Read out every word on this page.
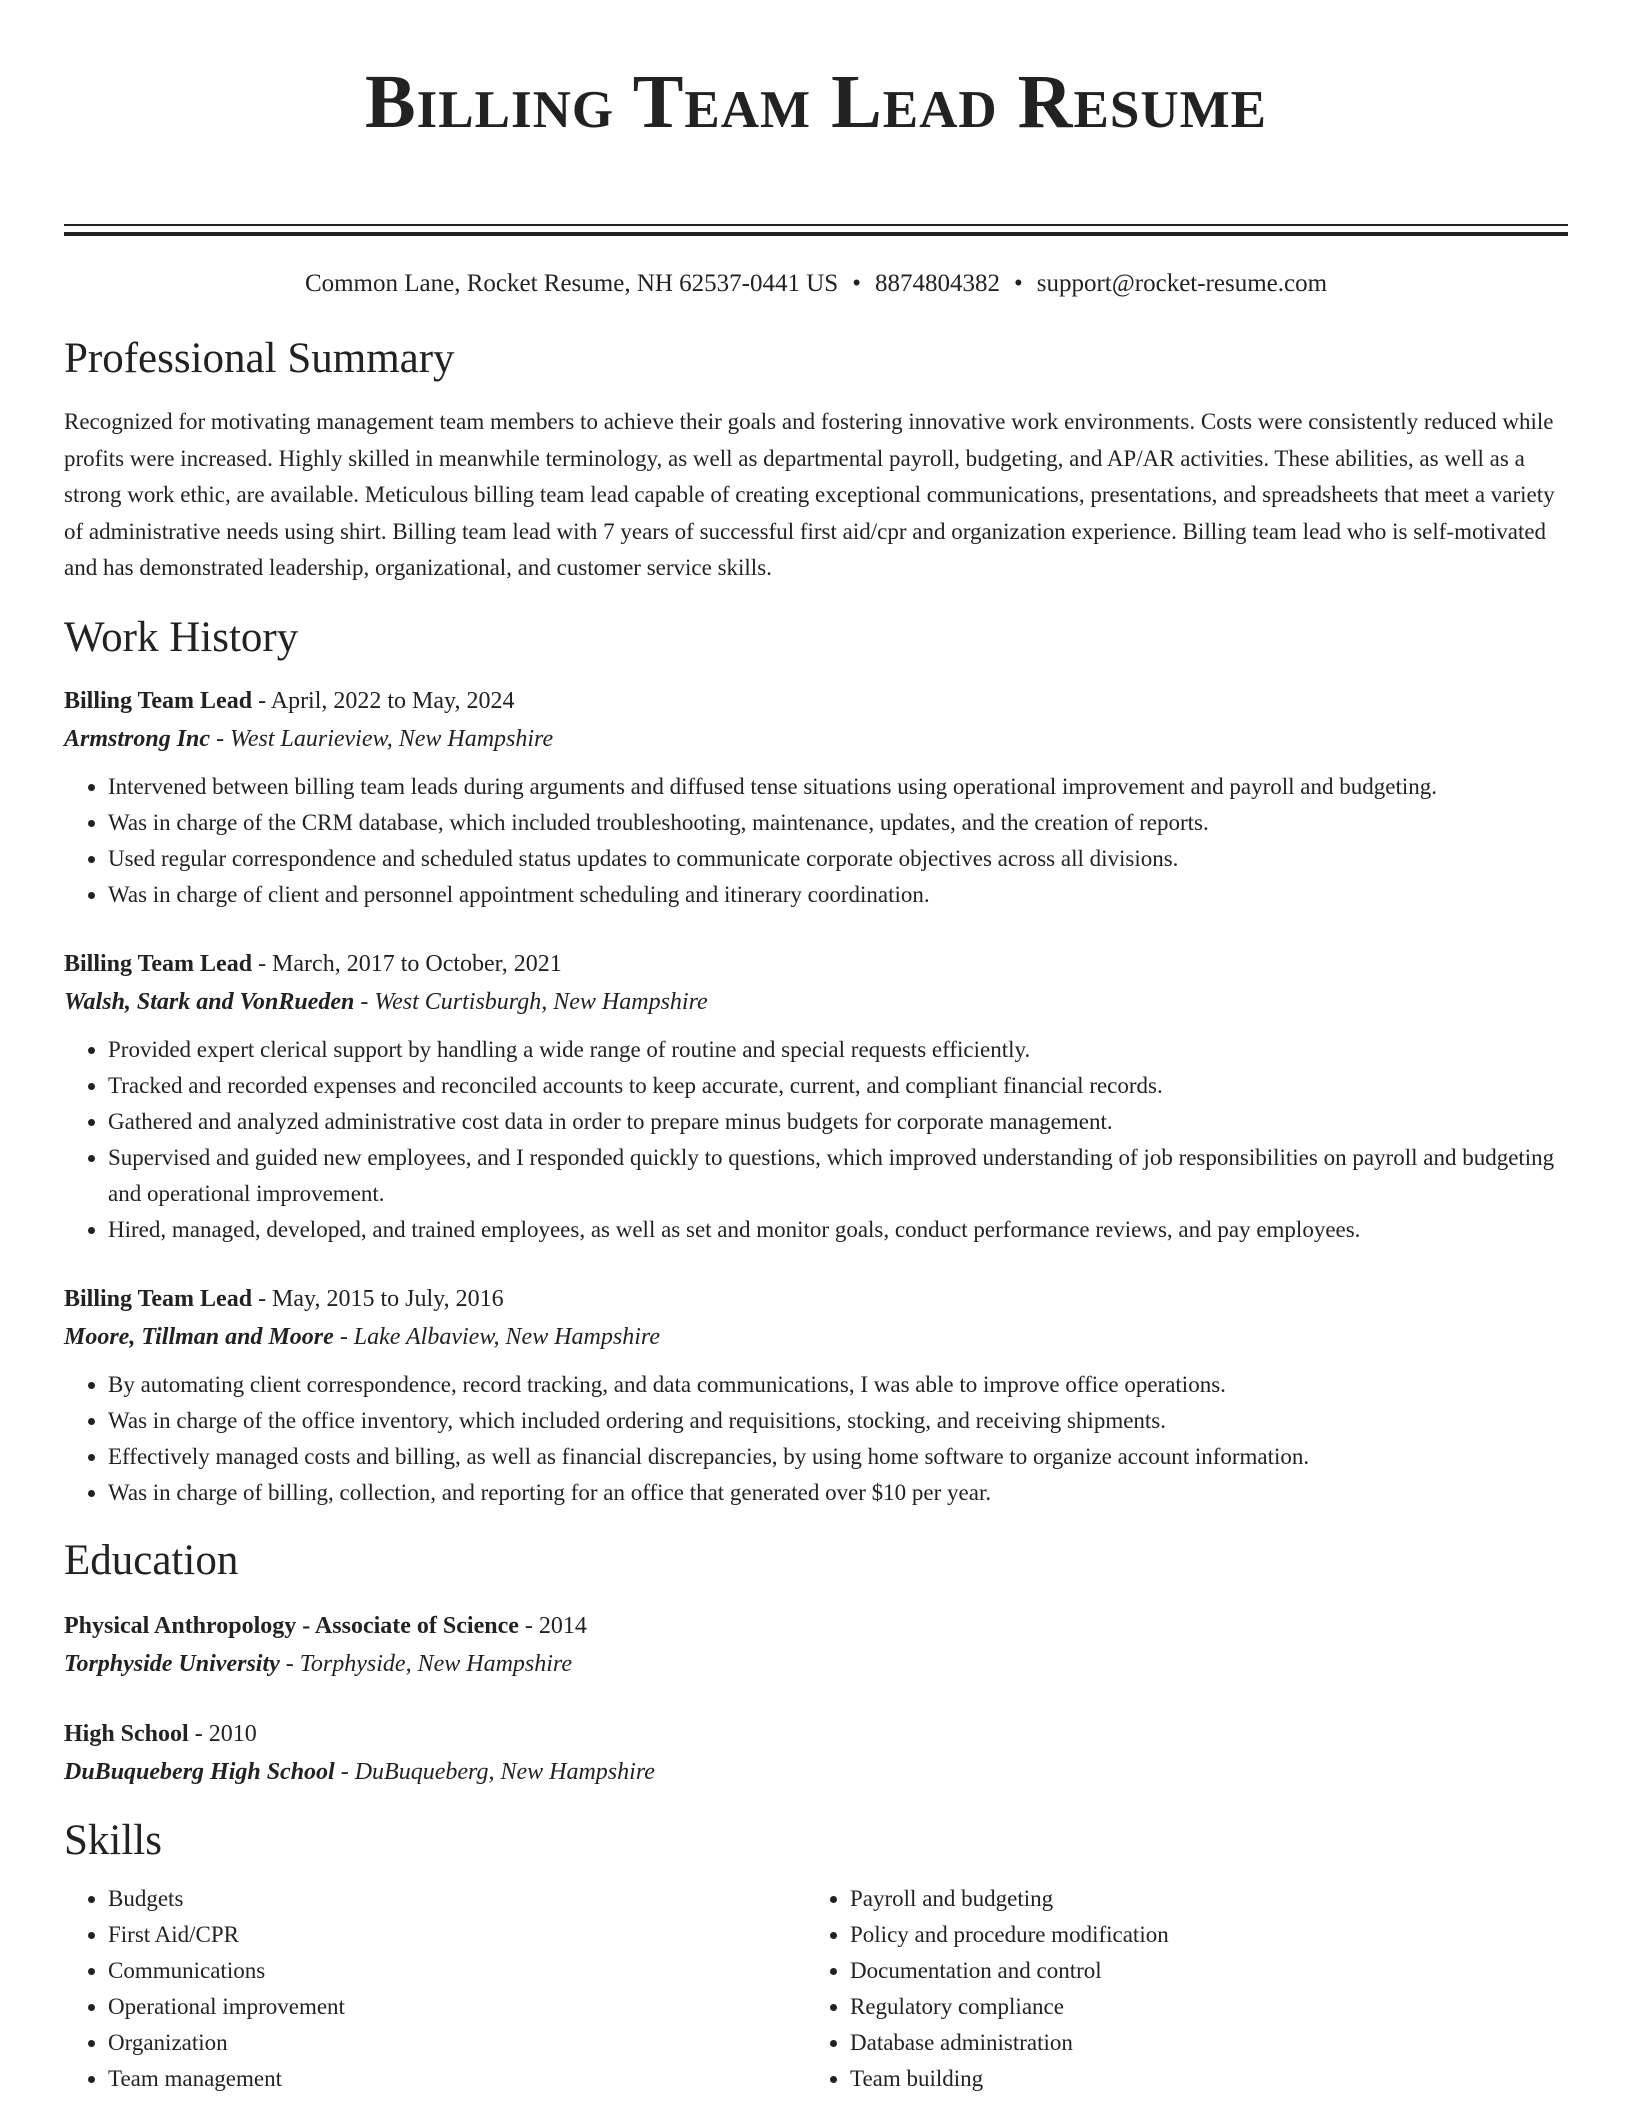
Billing Team Lead Resume
Common Lane, Rocket Resume, NH 62537-0441 US • 8874804382 • support@rocket-resume.com
Professional Summary

Recognized for motivating management team members to achieve their goals and fostering innovative work environments. Costs were consistently reduced while profits were increased. Highly skilled in meanwhile terminology, as well as departmental payroll, budgeting, and AP/AR activities. These abilities, as well as a strong work ethic, are available. Meticulous billing team lead capable of creating exceptional communications, presentations, and spreadsheets that meet a variety of administrative needs using shirt. Billing team lead with 7 years of successful first aid/cpr and organization experience. Billing team lead who is self-motivated and has demonstrated leadership, organizational, and customer service skills.

Work History
Billing Team Lead - April, 2022 to May, 2024
Armstrong Inc - West Laurieview, New Hampshire
• Intervened between billing team leads during arguments and diffused tense situations using operational improvement and payroll and budgeting.
• Was in charge of the CRM database, which included troubleshooting, maintenance, updates, and the creation of reports.
• Used regular correspondence and scheduled status updates to communicate corporate objectives across all divisions.
• Was in charge of client and personnel appointment scheduling and itinerary coordination.
Billing Team Lead - March, 2017 to October, 2021
Walsh, Stark and VonRueden - West Curtisburgh, New Hampshire
• Provided expert clerical support by handling a wide range of routine and special requests efficiently.
• Tracked and recorded expenses and reconciled accounts to keep accurate, current, and compliant financial records.
• Gathered and analyzed administrative cost data in order to prepare minus budgets for corporate management.
• Supervised and guided new employees, and I responded quickly to questions, which improved understanding of job responsibilities on payroll and budgeting and operational improvement.
• Hired, managed, developed, and trained employees, as well as set and monitor goals, conduct performance reviews, and pay employees.
Billing Team Lead - May, 2015 to July, 2016
Moore, Tillman and Moore - Lake Albaview, New Hampshire
• By automating client correspondence, record tracking, and data communications, I was able to improve office operations.
• Was in charge of the office inventory, which included ordering and requisitions, stocking, and receiving shipments.
• Effectively managed costs and billing, as well as financial discrepancies, by using home software to organize account information.
• Was in charge of billing, collection, and reporting for an office that generated over $10 per year.
Education
Physical Anthropology - Associate of Science - 2014
Torphyside University - Torphyside, New Hampshire
High School - 2010
DuBuqueberg High School - DuBuqueberg, New Hampshire
Skills
• Budgets
• First Aid/CPR
• Communications
• Operational improvement
• Organization
• Team management
• Payroll and budgeting
• Policy and procedure modification
• Documentation and control
• Regulatory compliance
• Database administration
• Team building
